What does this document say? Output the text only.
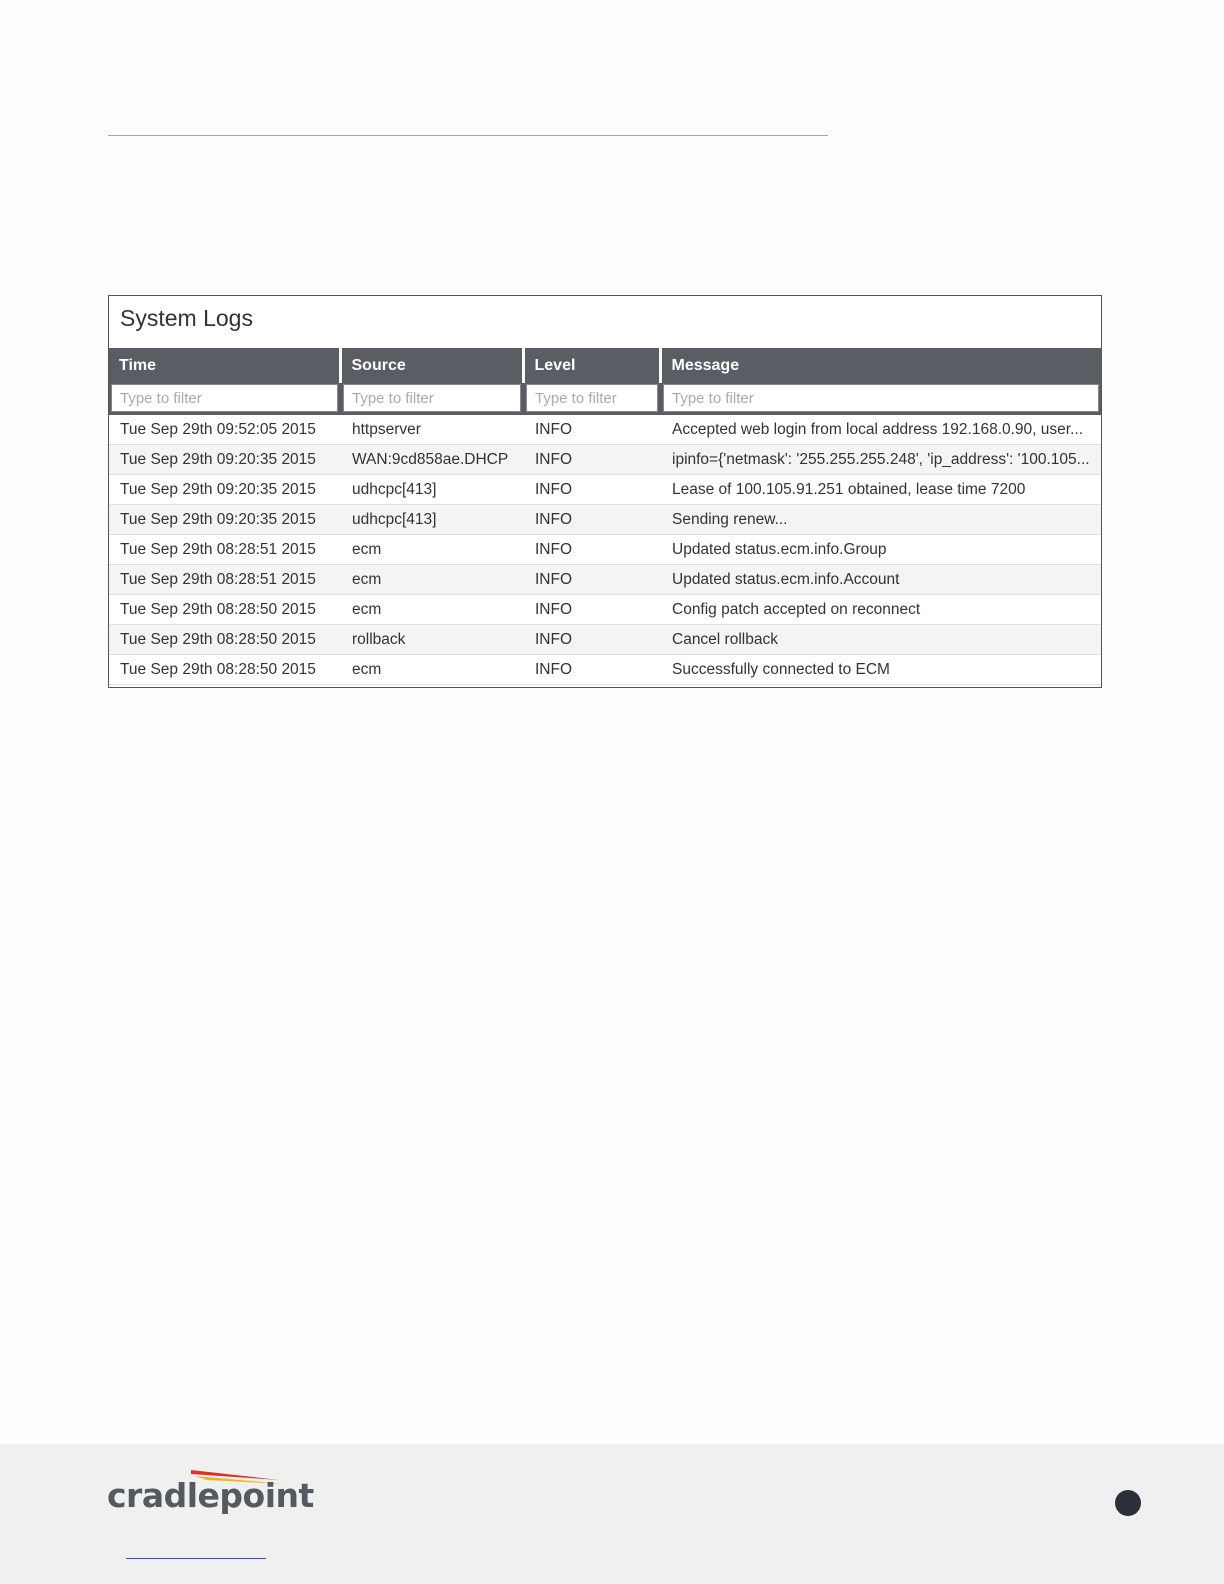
System Logs
Time	Source	Level	Message
Type to filter	Type to filter	Type to filter	Type to filter
Tue Sep 29th 09:52:05 2015	httpserver	INFO	Accepted web login from local address 192.168.0.90, user...
Tue Sep 29th 09:20:35 2015	WAN:9cd858ae.DHCP	INFO	ipinfo={'netmask': '255.255.255.248', 'ip_address': '100.105...
Tue Sep 29th 09:20:35 2015	udhcpc[413]	INFO	Lease of 100.105.91.251 obtained, lease time 7200
Tue Sep 29th 09:20:35 2015	udhcpc[413]	INFO	Sending renew...
Tue Sep 29th 08:28:51 2015	ecm	INFO	Updated status.ecm.info.Group
Tue Sep 29th 08:28:51 2015	ecm	INFO	Updated status.ecm.info.Account
Tue Sep 29th 08:28:50 2015	ecm	INFO	Config patch accepted on reconnect
Tue Sep 29th 08:28:50 2015	rollback	INFO	Cancel rollback
Tue Sep 29th 08:28:50 2015	ecm	INFO	Successfully connected to ECM
cradlepoint
